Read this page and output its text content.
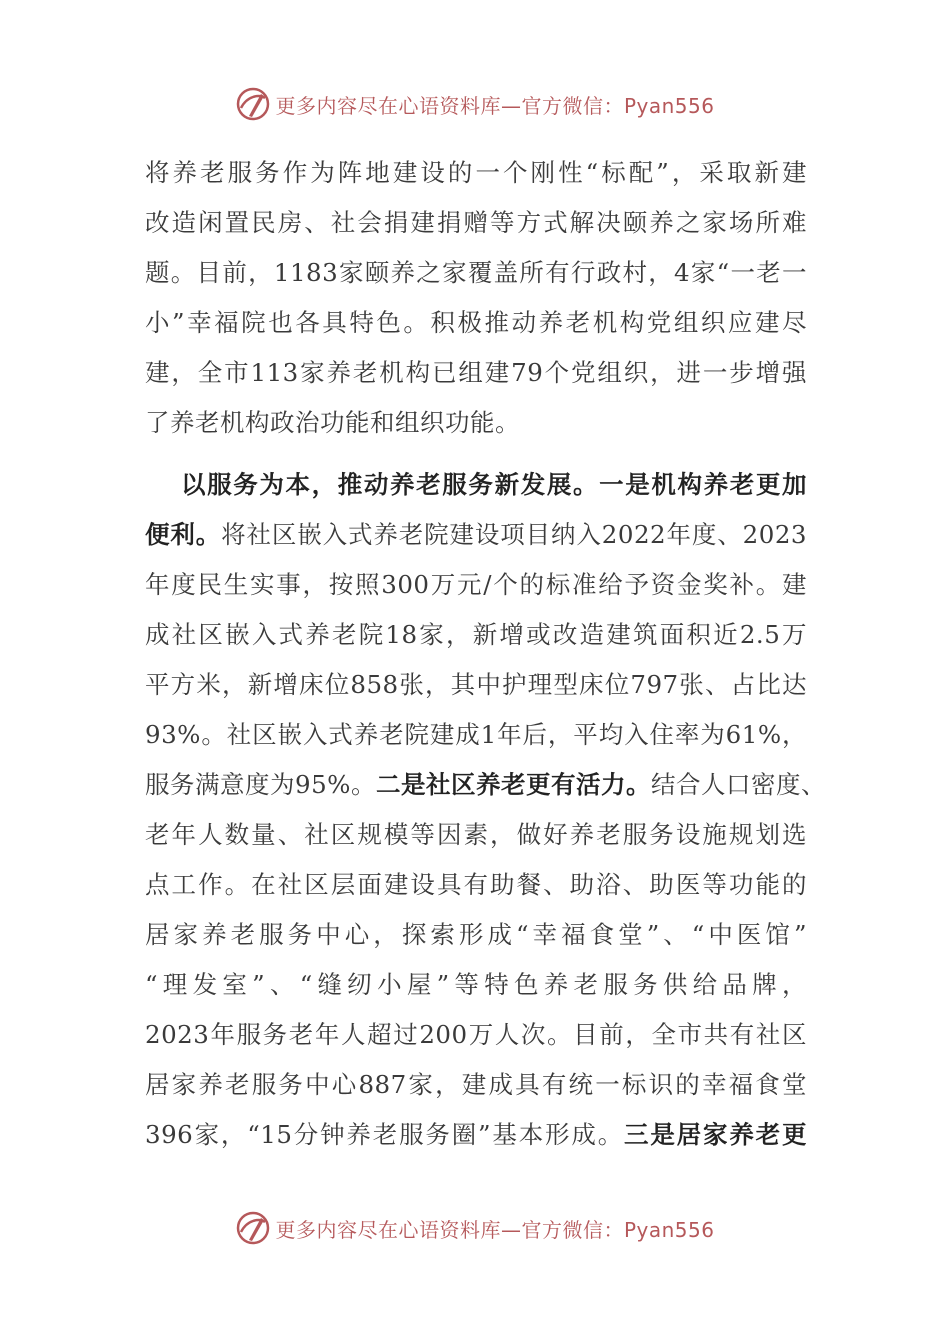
更多内容尽在心语资料库—官方微信：Pyan556
将养老服务作为阵地建设的一个刚性“标配”，采取新建
改造闲置民房、社会捐建捐赠等方式解决颐养之家场所难
题。目前，1183家颐养之家覆盖所有行政村，4家“一老一
小”幸福院也各具特色。积极推动养老机构党组织应建尽
建，全市113家养老机构已组建79个党组织，进一步增强
了养老机构政治功能和组织功能。
以服务为本，推动养老服务新发展。一是机构养老更加
便利。将社区嵌入式养老院建设项目纳入2022年度、2023
年度民生实事，按照300万元/个的标准给予资金奖补。建
成社区嵌入式养老院18家，新增或改造建筑面积近2.5万
平方米，新增床位858张，其中护理型床位797张、占比达
93%。社区嵌入式养老院建成1年后，平均入住率为61%，
服务满意度为95%。二是社区养老更有活力。结合人口密度、
老年人数量、社区规模等因素，做好养老服务设施规划选
点工作。在社区层面建设具有助餐、助浴、助医等功能的
居家养老服务中心，探索形成“幸福食堂”、“中医馆”
“理发室”、“缝纫小屋”等特色养老服务供给品牌，
2023年服务老年人超过200万人次。目前，全市共有社区
居家养老服务中心887家，建成具有统一标识的幸福食堂
396家，“15分钟养老服务圈”基本形成。三是居家养老更
更多内容尽在心语资料库—官方微信：Pyan556
